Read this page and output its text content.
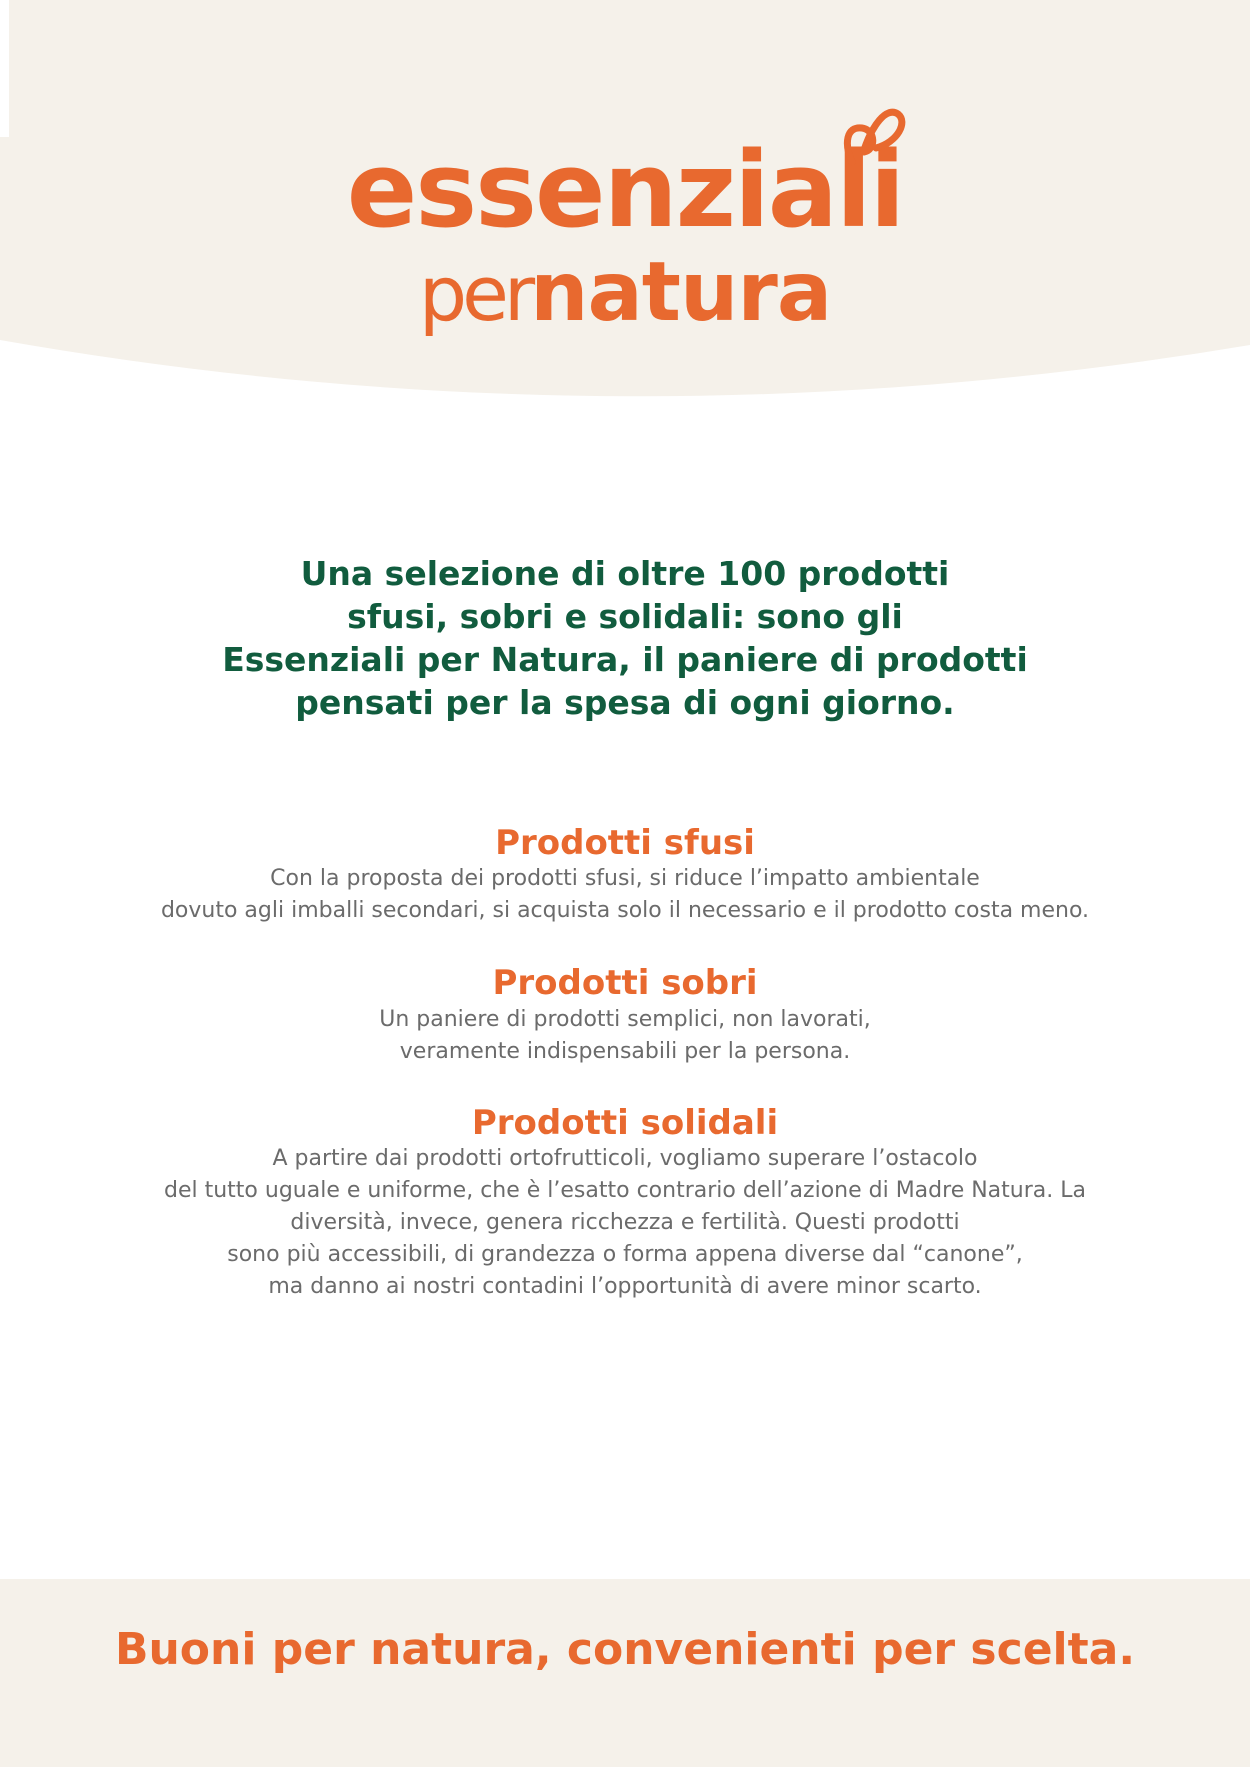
essenziali
pernatura
Una selezione di oltre 100 prodotti
sfusi, sobri e solidali: sono gli
Essenziali per Natura, il paniere di prodotti
pensati per la spesa di ogni giorno.
Prodotti sfusi
Con la proposta dei prodotti sfusi, si riduce l’impatto ambientale
dovuto agli imballi secondari, si acquista solo il necessario e il prodotto costa meno.
Prodotti sobri
Un paniere di prodotti semplici, non lavorati,
veramente indispensabili per la persona.
Prodotti solidali
A partire dai prodotti ortofrutticoli, vogliamo superare l’ostacolo
del tutto uguale e uniforme, che è l’esatto contrario dell’azione di Madre Natura. La
diversità, invece, genera ricchezza e fertilità. Questi prodotti
sono più accessibili, di grandezza o forma appena diverse dal “canone”,
ma danno ai nostri contadini l’opportunità di avere minor scarto.
Buoni per natura, convenienti per scelta.
